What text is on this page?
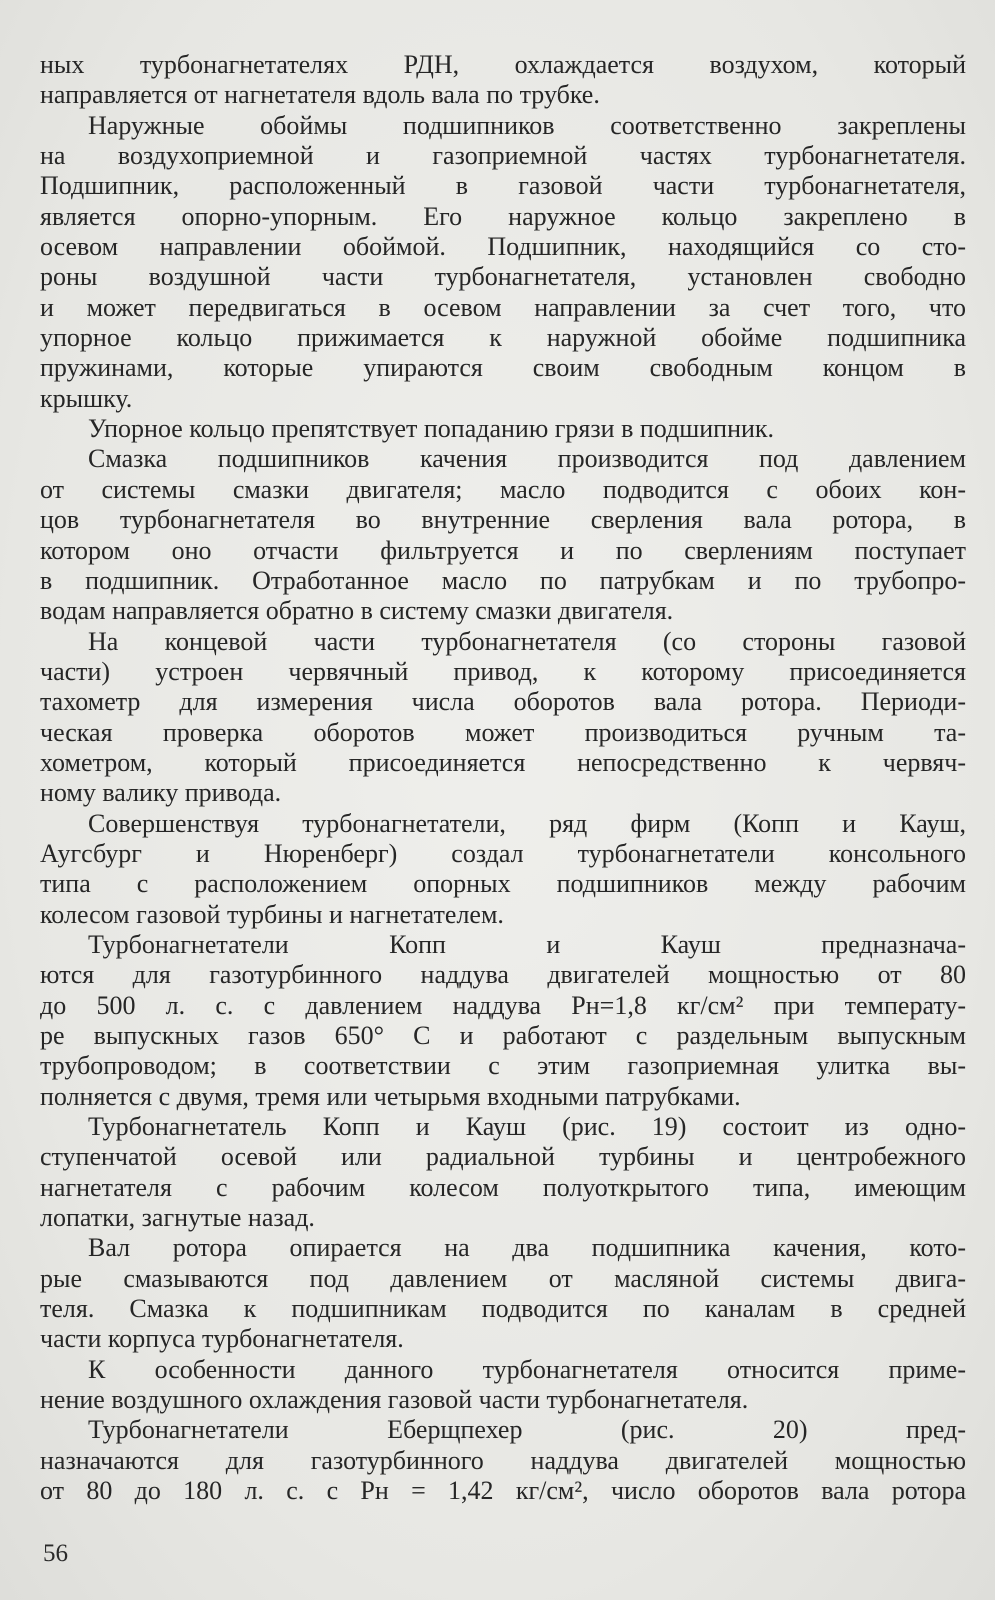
ных турбонагнетателях РДН, охлаждается воздухом, который
направляется от нагнетателя вдоль вала по трубке.
Наружные обоймы подшипников соответственно закреплены
на воздухоприемной и газоприемной частях турбонагнетателя.
Подшипник, расположенный в газовой части турбонагнетателя,
является опорно-упорным. Его наружное кольцо закреплено в
осевом направлении обоймой. Подшипник, находящийся со сто-
роны воздушной части турбонагнетателя, установлен свободно
и может передвигаться в осевом направлении за счет того, что
упорное кольцо прижимается к наружной обойме подшипника
пружинами, которые упираются своим свободным концом в
крышку.
Упорное кольцо препятствует попаданию грязи в подшипник.
Смазка подшипников качения производится под давлением
от системы смазки двигателя; масло подводится с обоих кон-
цов турбонагнетателя во внутренние сверления вала ротора, в
котором оно отчасти фильтруется и по сверлениям поступает
в подшипник. Отработанное масло по патрубкам и по трубопро-
водам направляется обратно в систему смазки двигателя.
На концевой части турбонагнетателя (со стороны газовой
части) устроен червячный привод, к которому присоединяется
тахометр для измерения числа оборотов вала ротора. Периоди-
ческая проверка оборотов может производиться ручным та-
хометром, который присоединяется непосредственно к червяч-
ному валику привода.
Совершенствуя турбонагнетатели, ряд фирм (Копп и Кауш,
Аугсбург и Нюренберг) создал турбонагнетатели консольного
типа с расположением опорных подшипников между рабочим
колесом газовой турбины и нагнетателем.
Турбонагнетатели Копп и Кауш предназнача-
ются для газотурбинного наддува двигателей мощностью от 80
до 500 л. с. с давлением наддува Pн=1,8 кг/см² при температу-
ре выпускных газов 650° С и работают с раздельным выпускным
трубопроводом; в соответствии с этим газоприемная улитка вы-
полняется с двумя, тремя или четырьмя входными патрубками.
Турбонагнетатель Копп и Кауш (рис. 19) состоит из одно-
ступенчатой осевой или радиальной турбины и центробежного
нагнетателя с рабочим колесом полуоткрытого типа, имеющим
лопатки, загнутые назад.
Вал ротора опирается на два подшипника качения, кото-
рые смазываются под давлением от масляной системы двига-
теля. Смазка к подшипникам подводится по каналам в средней
части корпуса турбонагнетателя.
К особенности данного турбонагнетателя относится приме-
нение воздушного охлаждения газовой части турбонагнетателя.
Турбонагнетатели Еберщпехер (рис. 20) пред-
назначаются для газотурбинного наддува двигателей мощностью
от 80 до 180 л. с. с Pн = 1,42 кг/см², число оборотов вала ротора
56
